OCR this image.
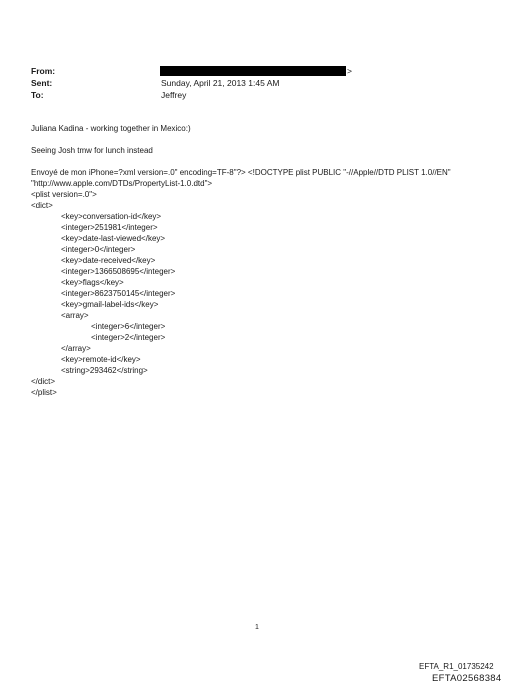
From:
Sent:
To:
>
Sunday, April 21, 2013 1:45 AM
Jeffrey
Juliana Kadina - working together in Mexico:)
Seeing Josh tmw for lunch instead
Envoyé de mon iPhone=?xml version=.0" encoding=TF-8"?> <!DOCTYPE plist PUBLIC "-//Apple//DTD PLIST 1.0//EN"
"http://www.apple.com/DTDs/PropertyList-1.0.dtd">
<plist version=.0">
<dict>
<key>conversation-id</key>
<integer>251981</integer>
<key>date-last-viewed</key>
<integer>0</integer>
<key>date-received</key>
<integer>1366508695</integer>
<key>flags</key>
<integer>8623750145</integer>
<key>gmail-label-ids</key>
<array>
<integer>6</integer>
<integer>2</integer>
</array>
<key>remote-id</key>
<string>293462</string>
</dict>
</plist>
1
EFTA_R1_01735242
EFTA02568384
